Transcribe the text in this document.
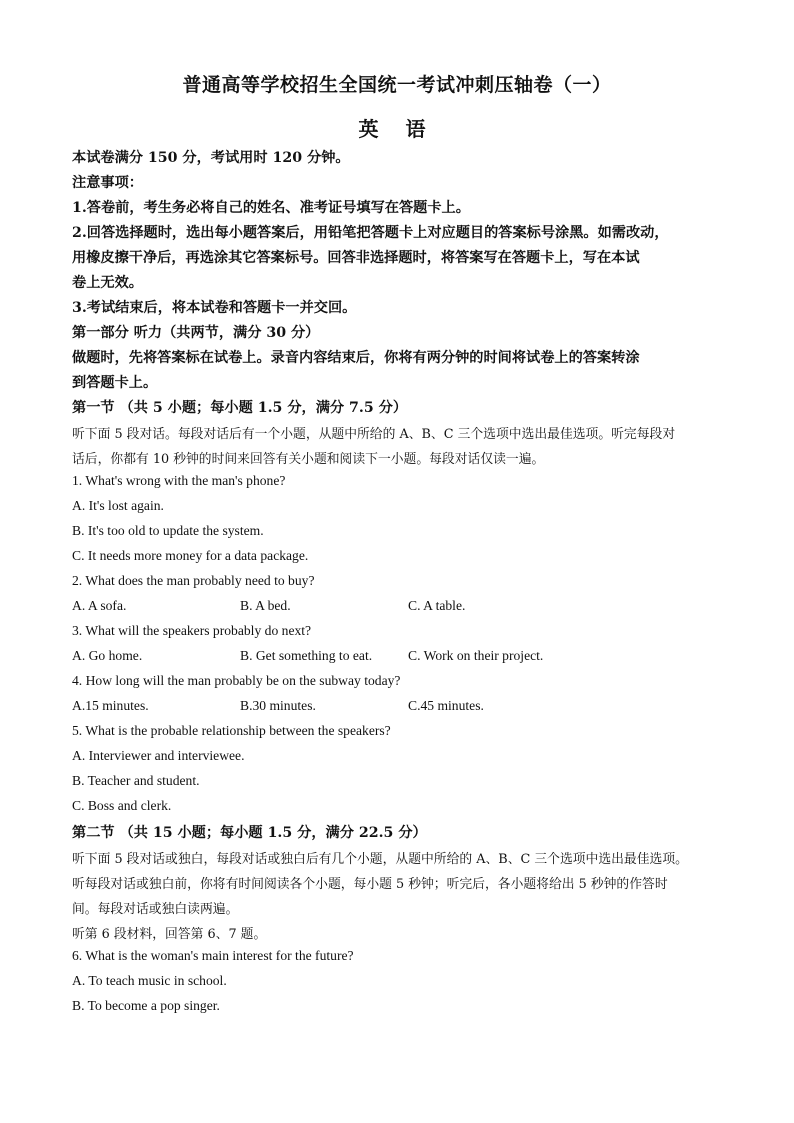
普通高等学校招生全国统一考试冲刺压轴卷（一）
英 语
本试卷满分 150 分，考试用时 120 分钟。
注意事项：
1.答卷前，考生务必将自己的姓名、准考证号填写在答题卡上。
2.回答选择题时，选出每小题答案后，用铅笔把答题卡上对应题目的答案标号涂黑。如需改动，
用橡皮擦干净后，再选涂其它答案标号。回答非选择题时，将答案写在答题卡上，写在本试
卷上无效。
3.考试结束后，将本试卷和答题卡一并交回。
第一部分 听力（共两节，满分 30 分）
做题时，先将答案标在试卷上。录音内容结束后，你将有两分钟的时间将试卷上的答案转涂
到答题卡上。
第一节 （共 5 小题；每小题 1.5 分，满分 7.5 分）
听下面 5 段对话。每段对话后有一个小题，从题中所给的 A、B、C 三个选项中选出最佳选项。听完每段对
话后，你都有 10 秒钟的时间来回答有关小题和阅读下一小题。每段对话仅读一遍。
1. What's wrong with the man's phone?
A. It's lost again.
B. It's too old to update the system.
C. It needs more money for a data package.
2. What does the man probably need to buy?
A. A sofa.	B. A bed.	C. A table.
3. What will the speakers probably do next?
A. Go home.	B. Get something to eat.	C. Work on their project.
4. How long will the man probably be on the subway today?
A.15 minutes.	B.30 minutes.	C.45 minutes.
5. What is the probable relationship between the speakers?
A. Interviewer and interviewee.
B. Teacher and student.
C. Boss and clerk.
第二节 （共 15 小题；每小题 1.5 分，满分 22.5 分）
听下面 5 段对话或独白，每段对话或独白后有几个小题，从题中所给的 A、B、C 三个选项中选出最佳选项。
听每段对话或独白前，你将有时间阅读各个小题，每小题 5 秒钟；听完后，各小题将给出 5 秒钟的作答时
间。每段对话或独白读两遍。
听第 6 段材料，回答第 6、7 题。
6. What is the woman's main interest for the future?
A. To teach music in school.
B. To become a pop singer.
